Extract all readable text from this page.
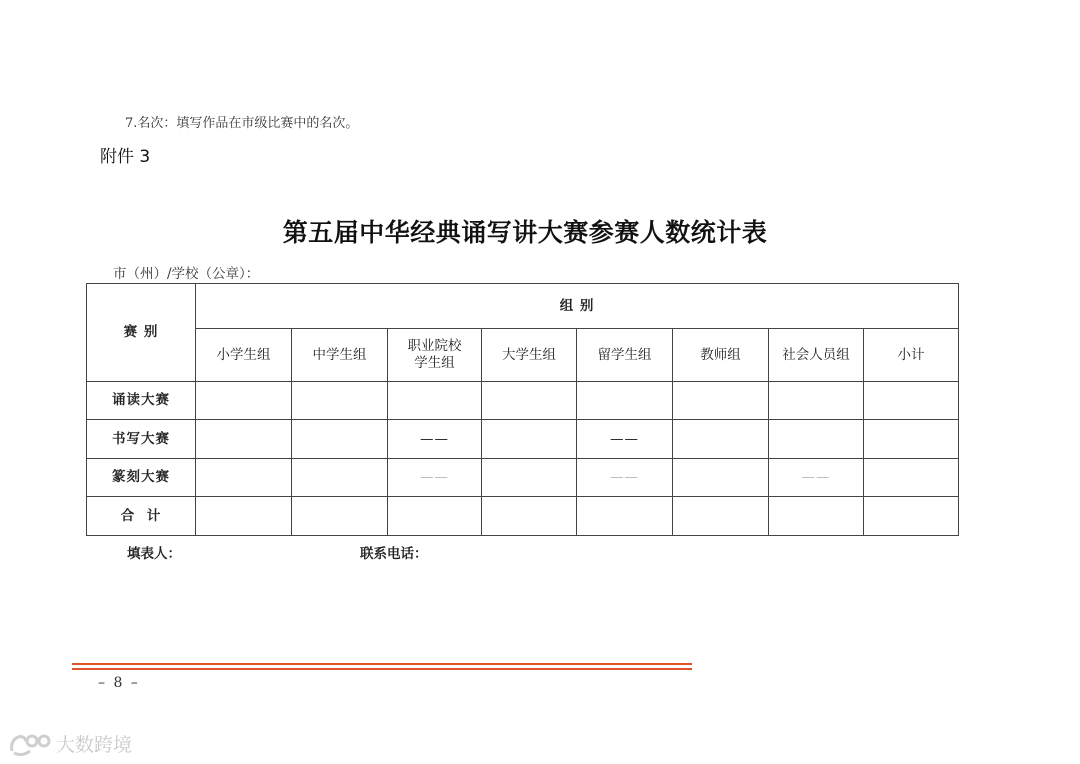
7.名次：填写作品在市级比赛中的名次。
附件 3
第五届中华经典诵写讲大赛参赛人数统计表
市（州）/学校（公章）：
赛 别	组 别							
	小学生组	中学生组	职业院校
学生组	大学生组	留学生组	教师组	社会人员组	小计
诵读大赛								
书写大赛			——		——			
篆刻大赛			——		——		——	
合  计								
填表人：	联系电话：
– 8 –
大数跨境
